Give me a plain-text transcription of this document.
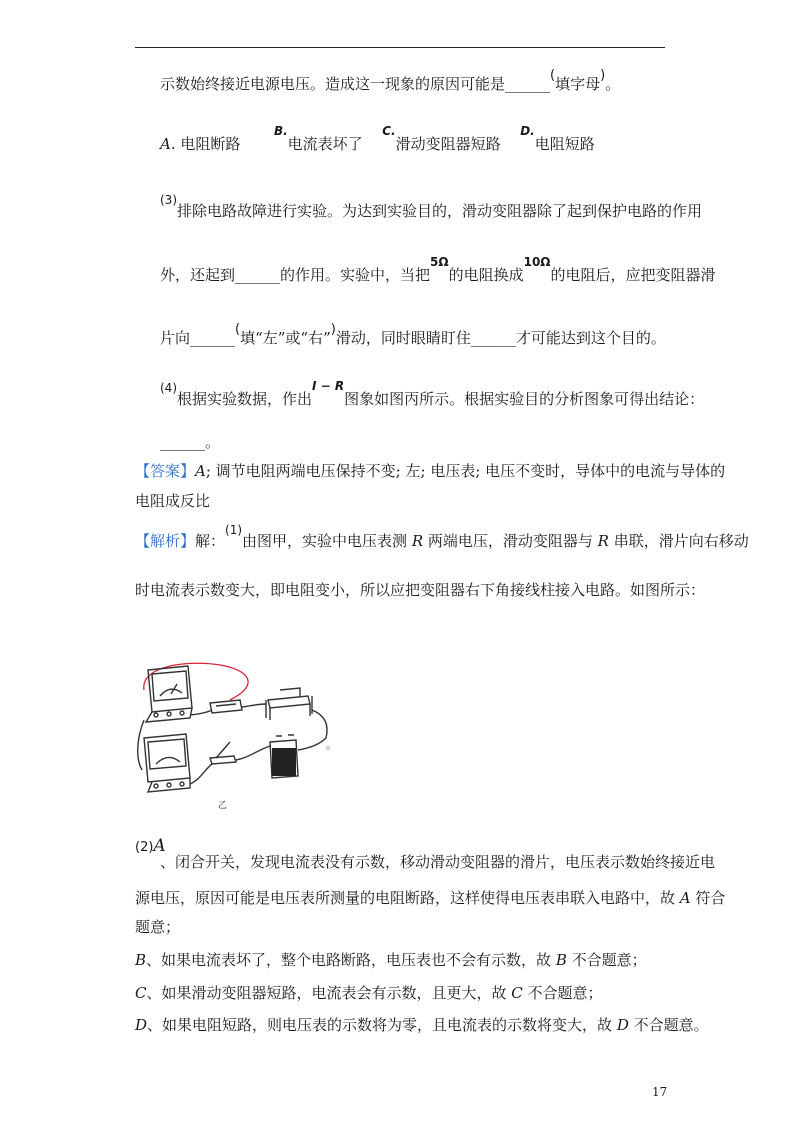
示数始终接近电源电压。造成这一现象的原因可能是______(填字母)。
A. 电阻断路  $^{B.}$电流表坏了  $^{C.}$滑动变阻器短路  $^{D.}$电阻短路
$^{(3)}$排除电路故障进行实验。为达到实验目的，滑动变阻器除了起到保护电路的作用
外，还起到______的作用。实验中，当把$^{5\Omega}$的电阻换成$^{10\Omega}$的电阻后，应把变阻器滑
片向______(填“左”或“右”)滑动，同时眼睛盯住______才可能达到这个目的。
$^{(4)}$根据实验数据，作出$^{I - R}$图象如图丙所示。根据实验目的分析图象可得出结论：
______。
【答案】A; 调节电阻两端电压保持不变; 左; 电压表; 电压不变时，导体中的电流与导体的
电阻成反比
【解析】解：$^{(1)}$由图甲，实验中电压表测 R 两端电压，滑动变阻器与 R 串联，滑片向右移动
时电流表示数变大，即电阻变小，所以应把变阻器右下角接线柱接入电路。如图所示：
乙
。
(2)A
、闭合开关，发现电流表没有示数，移动滑动变阻器的滑片，电压表示数始终接近电
源电压，原因可能是电压表所测量的电阻断路，这样使得电压表串联入电路中，故 A 符合
题意；
B、如果电流表坏了，整个电路断路，电压表也不会有示数，故 B 不合题意；
C、如果滑动变阻器短路，电流表会有示数，且更大，故 C 不合题意；
D、如果电阻短路，则电压表的示数将为零，且电流表的示数将变大，故 D 不合题意。
17
